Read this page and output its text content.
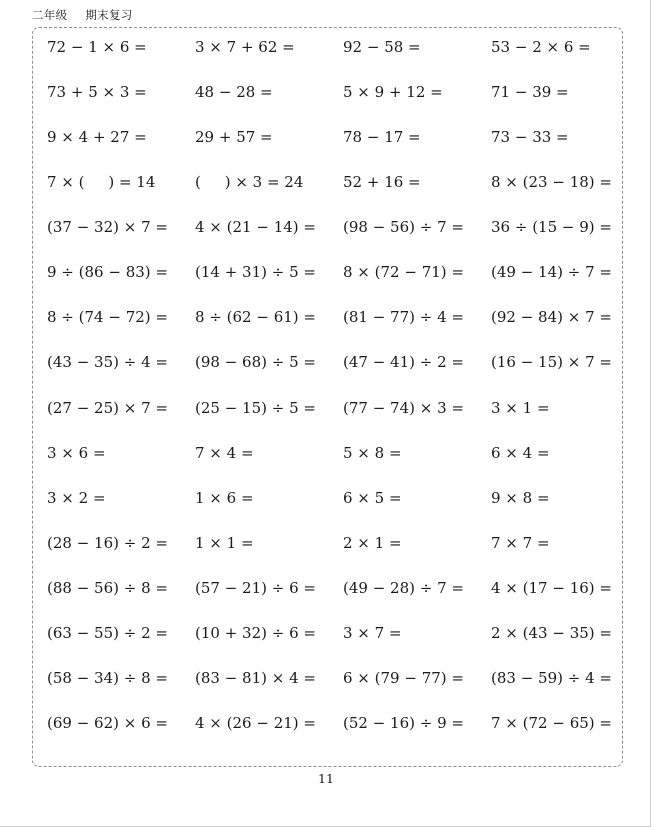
二年级 期末复习
72 − 1 × 6 =	3 × 7 + 62 =	92 − 58 =	53 − 2 × 6 =
73 + 5 × 3 =	48 − 28 =	5 × 9 + 12 =	71 − 39 =
9 × 4 + 27 =	29 + 57 =	78 − 17 =	73 − 33 =
7 × (     ) = 14	(     ) × 3 = 24	52 + 16 =	8 × (23 − 18) =
(37 − 32) × 7 =	4 × (21 − 14) =	(98 − 56) ÷ 7 =	36 ÷ (15 − 9) =
9 ÷ (86 − 83) =	(14 + 31) ÷ 5 =	8 × (72 − 71) =	(49 − 14) ÷ 7 =
8 ÷ (74 − 72) =	8 ÷ (62 − 61) =	(81 − 77) ÷ 4 =	(92 − 84) × 7 =
(43 − 35) ÷ 4 =	(98 − 68) ÷ 5 =	(47 − 41) ÷ 2 =	(16 − 15) × 7 =
(27 − 25) × 7 =	(25 − 15) ÷ 5 =	(77 − 74) × 3 =	3 × 1 =
3 × 6 =	7 × 4 =	5 × 8 =	6 × 4 =
3 × 2 =	1 × 6 =	6 × 5 =	9 × 8 =
(28 − 16) ÷ 2 =	1 × 1 =	2 × 1 =	7 × 7 =
(88 − 56) ÷ 8 =	(57 − 21) ÷ 6 =	(49 − 28) ÷ 7 =	4 × (17 − 16) =
(63 − 55) ÷ 2 =	(10 + 32) ÷ 6 =	3 × 7 =	2 × (43 − 35) =
(58 − 34) ÷ 8 =	(83 − 81) × 4 =	6 × (79 − 77) =	(83 − 59) ÷ 4 =
(69 − 62) × 6 =	4 × (26 − 21) =	(52 − 16) ÷ 9 =	7 × (72 − 65) =
11
